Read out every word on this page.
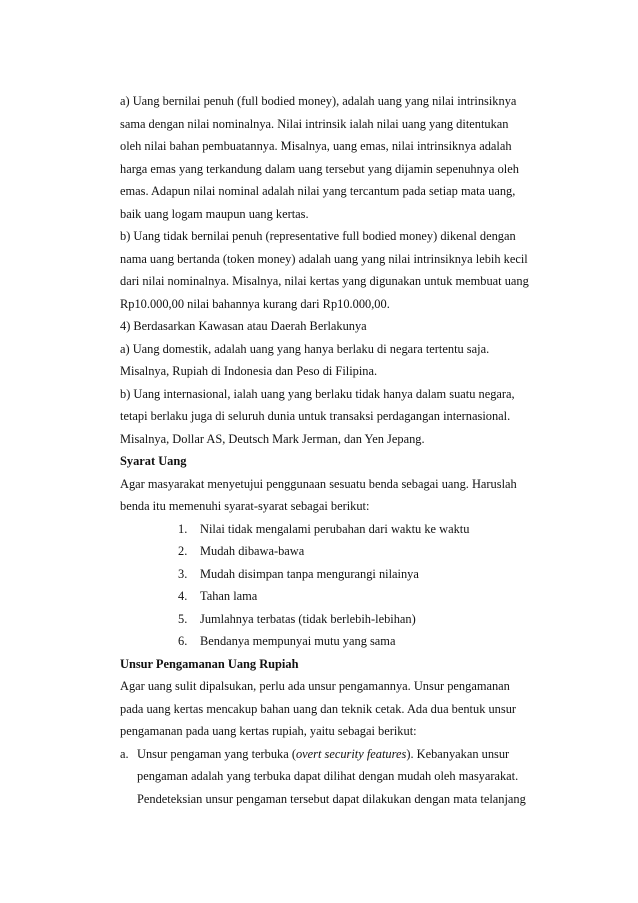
a) Uang bernilai penuh (full bodied money), adalah uang yang nilai intrinsiknya
sama dengan nilai nominalnya. Nilai intrinsik ialah nilai uang yang ditentukan
oleh nilai bahan pembuatannya. Misalnya, uang emas, nilai intrinsiknya adalah
harga emas yang terkandung dalam uang tersebut yang dijamin sepenuhnya oleh
emas. Adapun nilai nominal adalah nilai yang tercantum pada setiap mata uang,
baik uang logam maupun uang kertas.
b) Uang tidak bernilai penuh (representative full bodied money) dikenal dengan
nama uang bertanda (token money) adalah uang yang nilai intrinsiknya lebih kecil
dari nilai nominalnya. Misalnya, nilai kertas yang digunakan untuk membuat uang
Rp10.000,00 nilai bahannya kurang dari Rp10.000,00.
4) Berdasarkan Kawasan atau Daerah Berlakunya
a) Uang domestik, adalah uang yang hanya berlaku di negara tertentu saja.
Misalnya, Rupiah di Indonesia dan Peso di Filipina.
b) Uang internasional, ialah uang yang berlaku tidak hanya dalam suatu negara,
tetapi berlaku juga di seluruh dunia untuk transaksi perdagangan internasional.
Misalnya, Dollar AS, Deutsch Mark Jerman, dan Yen Jepang.
Syarat Uang
Agar masyarakat menyetujui penggunaan sesuatu benda sebagai uang. Haruslah
benda itu memenuhi syarat-syarat sebagai berikut:
1.	Nilai tidak mengalami perubahan dari waktu ke waktu
2.	Mudah dibawa-bawa
3.	Mudah disimpan tanpa mengurangi nilainya
4.	Tahan lama
5.	Jumlahnya terbatas (tidak berlebih-lebihan)
6.	Bendanya mempunyai mutu yang sama
Unsur Pengamanan Uang Rupiah
Agar uang sulit dipalsukan, perlu ada unsur pengamannya. Unsur pengamanan
pada uang kertas mencakup bahan uang dan teknik cetak. Ada dua bentuk unsur
pengamanan pada uang kertas rupiah, yaitu sebagai berikut:
a. Unsur pengaman yang terbuka (overt security features). Kebanyakan unsur
pengaman adalah yang terbuka dapat dilihat dengan mudah oleh masyarakat.
Pendeteksian unsur pengaman tersebut dapat dilakukan dengan mata telanjang
